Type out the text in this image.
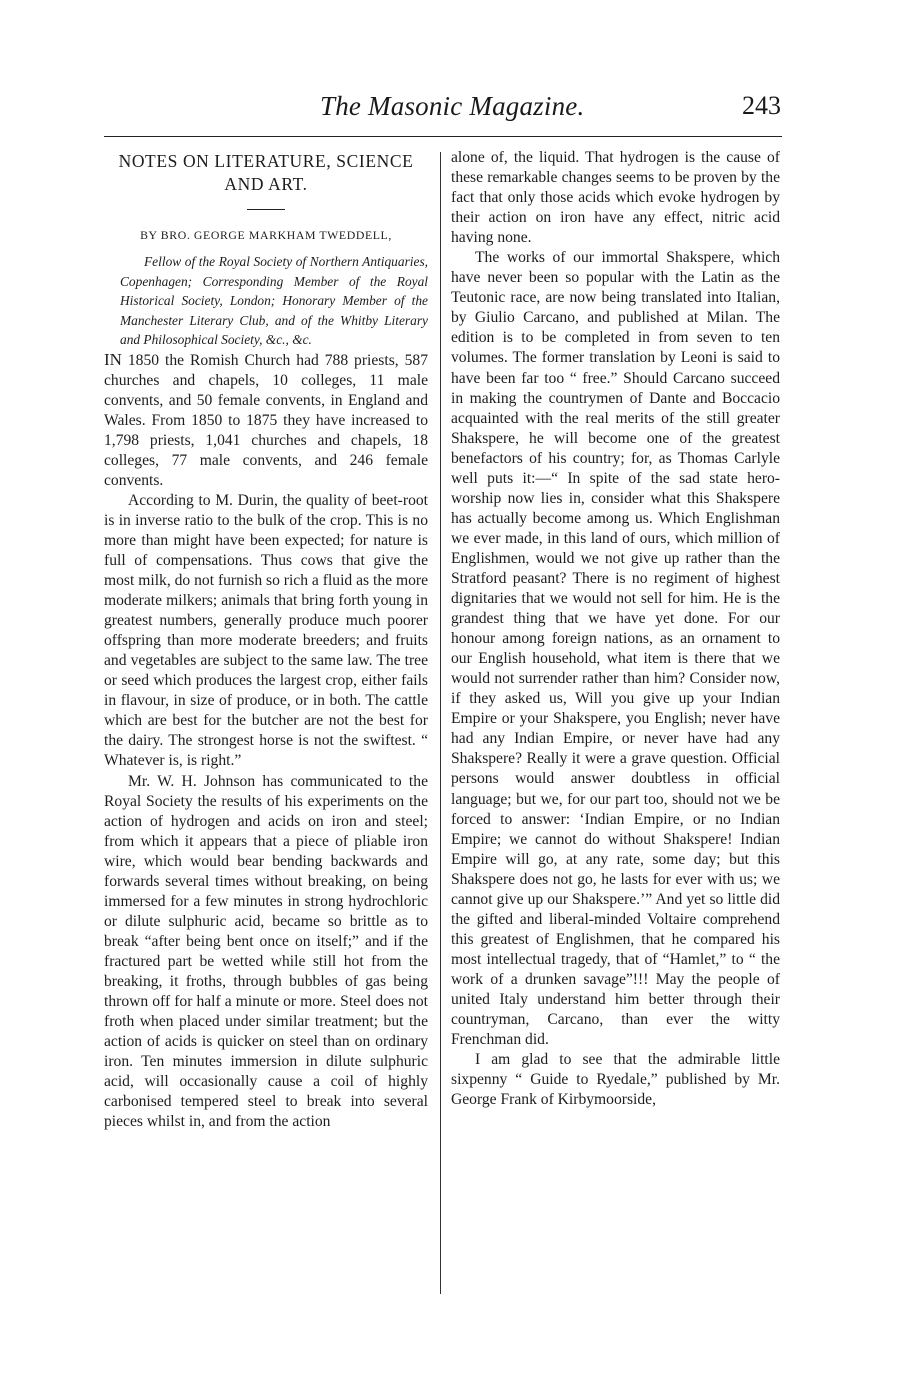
The Masonic Magazine.	243
NOTES ON LITERATURE, SCIENCE AND ART.
BY BRO. GEORGE MARKHAM TWEDDELL,

Fellow of the Royal Society of Northern Antiquaries, Copenhagen; Corresponding Member of the Royal Historical Society, London; Honorary Member of the Manchester Literary Club, and of the Whitby Literary and Philosophical Society, &c., &c.

IN 1850 the Romish Church had 788 priests, 587 churches and chapels, 10 colleges, 11 male convents, and 50 female convents, in England and Wales. From 1850 to 1875 they have increased to 1,798 priests, 1,041 churches and chapels, 18 colleges, 77 male convents, and 246 female convents.

According to M. Durin, the quality of beet-root is in inverse ratio to the bulk of the crop. This is no more than might have been expected; for nature is full of compensations. Thus cows that give the most milk, do not furnish so rich a fluid as the more moderate milkers; animals that bring forth young in greatest numbers, generally produce much poorer offspring than more moderate breeders; and fruits and vegetables are subject to the same law. The tree or seed which produces the largest crop, either fails in flavour, in size of produce, or in both. The cattle which are best for the butcher are not the best for the dairy. The strongest horse is not the swiftest. “ Whatever is, is right.”

Mr. W. H. Johnson has communicated to the Royal Society the results of his experiments on the action of hydrogen and acids on iron and steel; from which it appears that a piece of pliable iron wire, which would bear bending backwards and forwards several times without breaking, on being immersed for a few minutes in strong hydrochloric or dilute sulphuric acid, became so brittle as to break “after being bent once on itself;” and if the fractured part be wetted while still hot from the breaking, it froths, through bubbles of gas being thrown off for half a minute or more. Steel does not froth when placed under similar treatment; but the action of acids is quicker on steel than on ordinary iron. Ten minutes immersion in dilute sulphuric acid, will occasionally cause a coil of highly carbonised tempered steel to break into several pieces whilst in, and from the action

alone of, the liquid. That hydrogen is the cause of these remarkable changes seems to be proven by the fact that only those acids which evoke hydrogen by their action on iron have any effect, nitric acid having none.

The works of our immortal Shakspere, which have never been so popular with the Latin as the Teutonic race, are now being translated into Italian, by Giulio Carcano, and published at Milan. The edition is to be completed in from seven to ten volumes. The former translation by Leoni is said to have been far too “ free.” Should Carcano succeed in making the countrymen of Dante and Boccacio acquainted with the real merits of the still greater Shakspere, he will become one of the greatest benefactors of his country; for, as Thomas Carlyle well puts it:—“ In spite of the sad state hero-worship now lies in, consider what this Shakspere has actually become among us. Which Englishman we ever made, in this land of ours, which million of Englishmen, would we not give up rather than the Stratford peasant? There is no regiment of highest dignitaries that we would not sell for him. He is the grandest thing that we have yet done. For our honour among foreign nations, as an ornament to our English household, what item is there that we would not surrender rather than him? Consider now, if they asked us, Will you give up your Indian Empire or your Shakspere, you English; never have had any Indian Empire, or never have had any Shakspere? Really it were a grave question. Official persons would answer doubtless in official language; but we, for our part too, should not we be forced to answer: ‘Indian Empire, or no Indian Empire; we cannot do without Shakspere! Indian Empire will go, at any rate, some day; but this Shakspere does not go, he lasts for ever with us; we cannot give up our Shakspere.’” And yet so little did the gifted and liberal-minded Voltaire comprehend this greatest of Englishmen, that he compared his most intellectual tragedy, that of “Hamlet,” to “ the work of a drunken savage”!!! May the people of united Italy understand him better through their countryman, Carcano, than ever the witty Frenchman did.

I am glad to see that the admirable little sixpenny “ Guide to Ryedale,” published by Mr. George Frank of Kirbymoorside,
